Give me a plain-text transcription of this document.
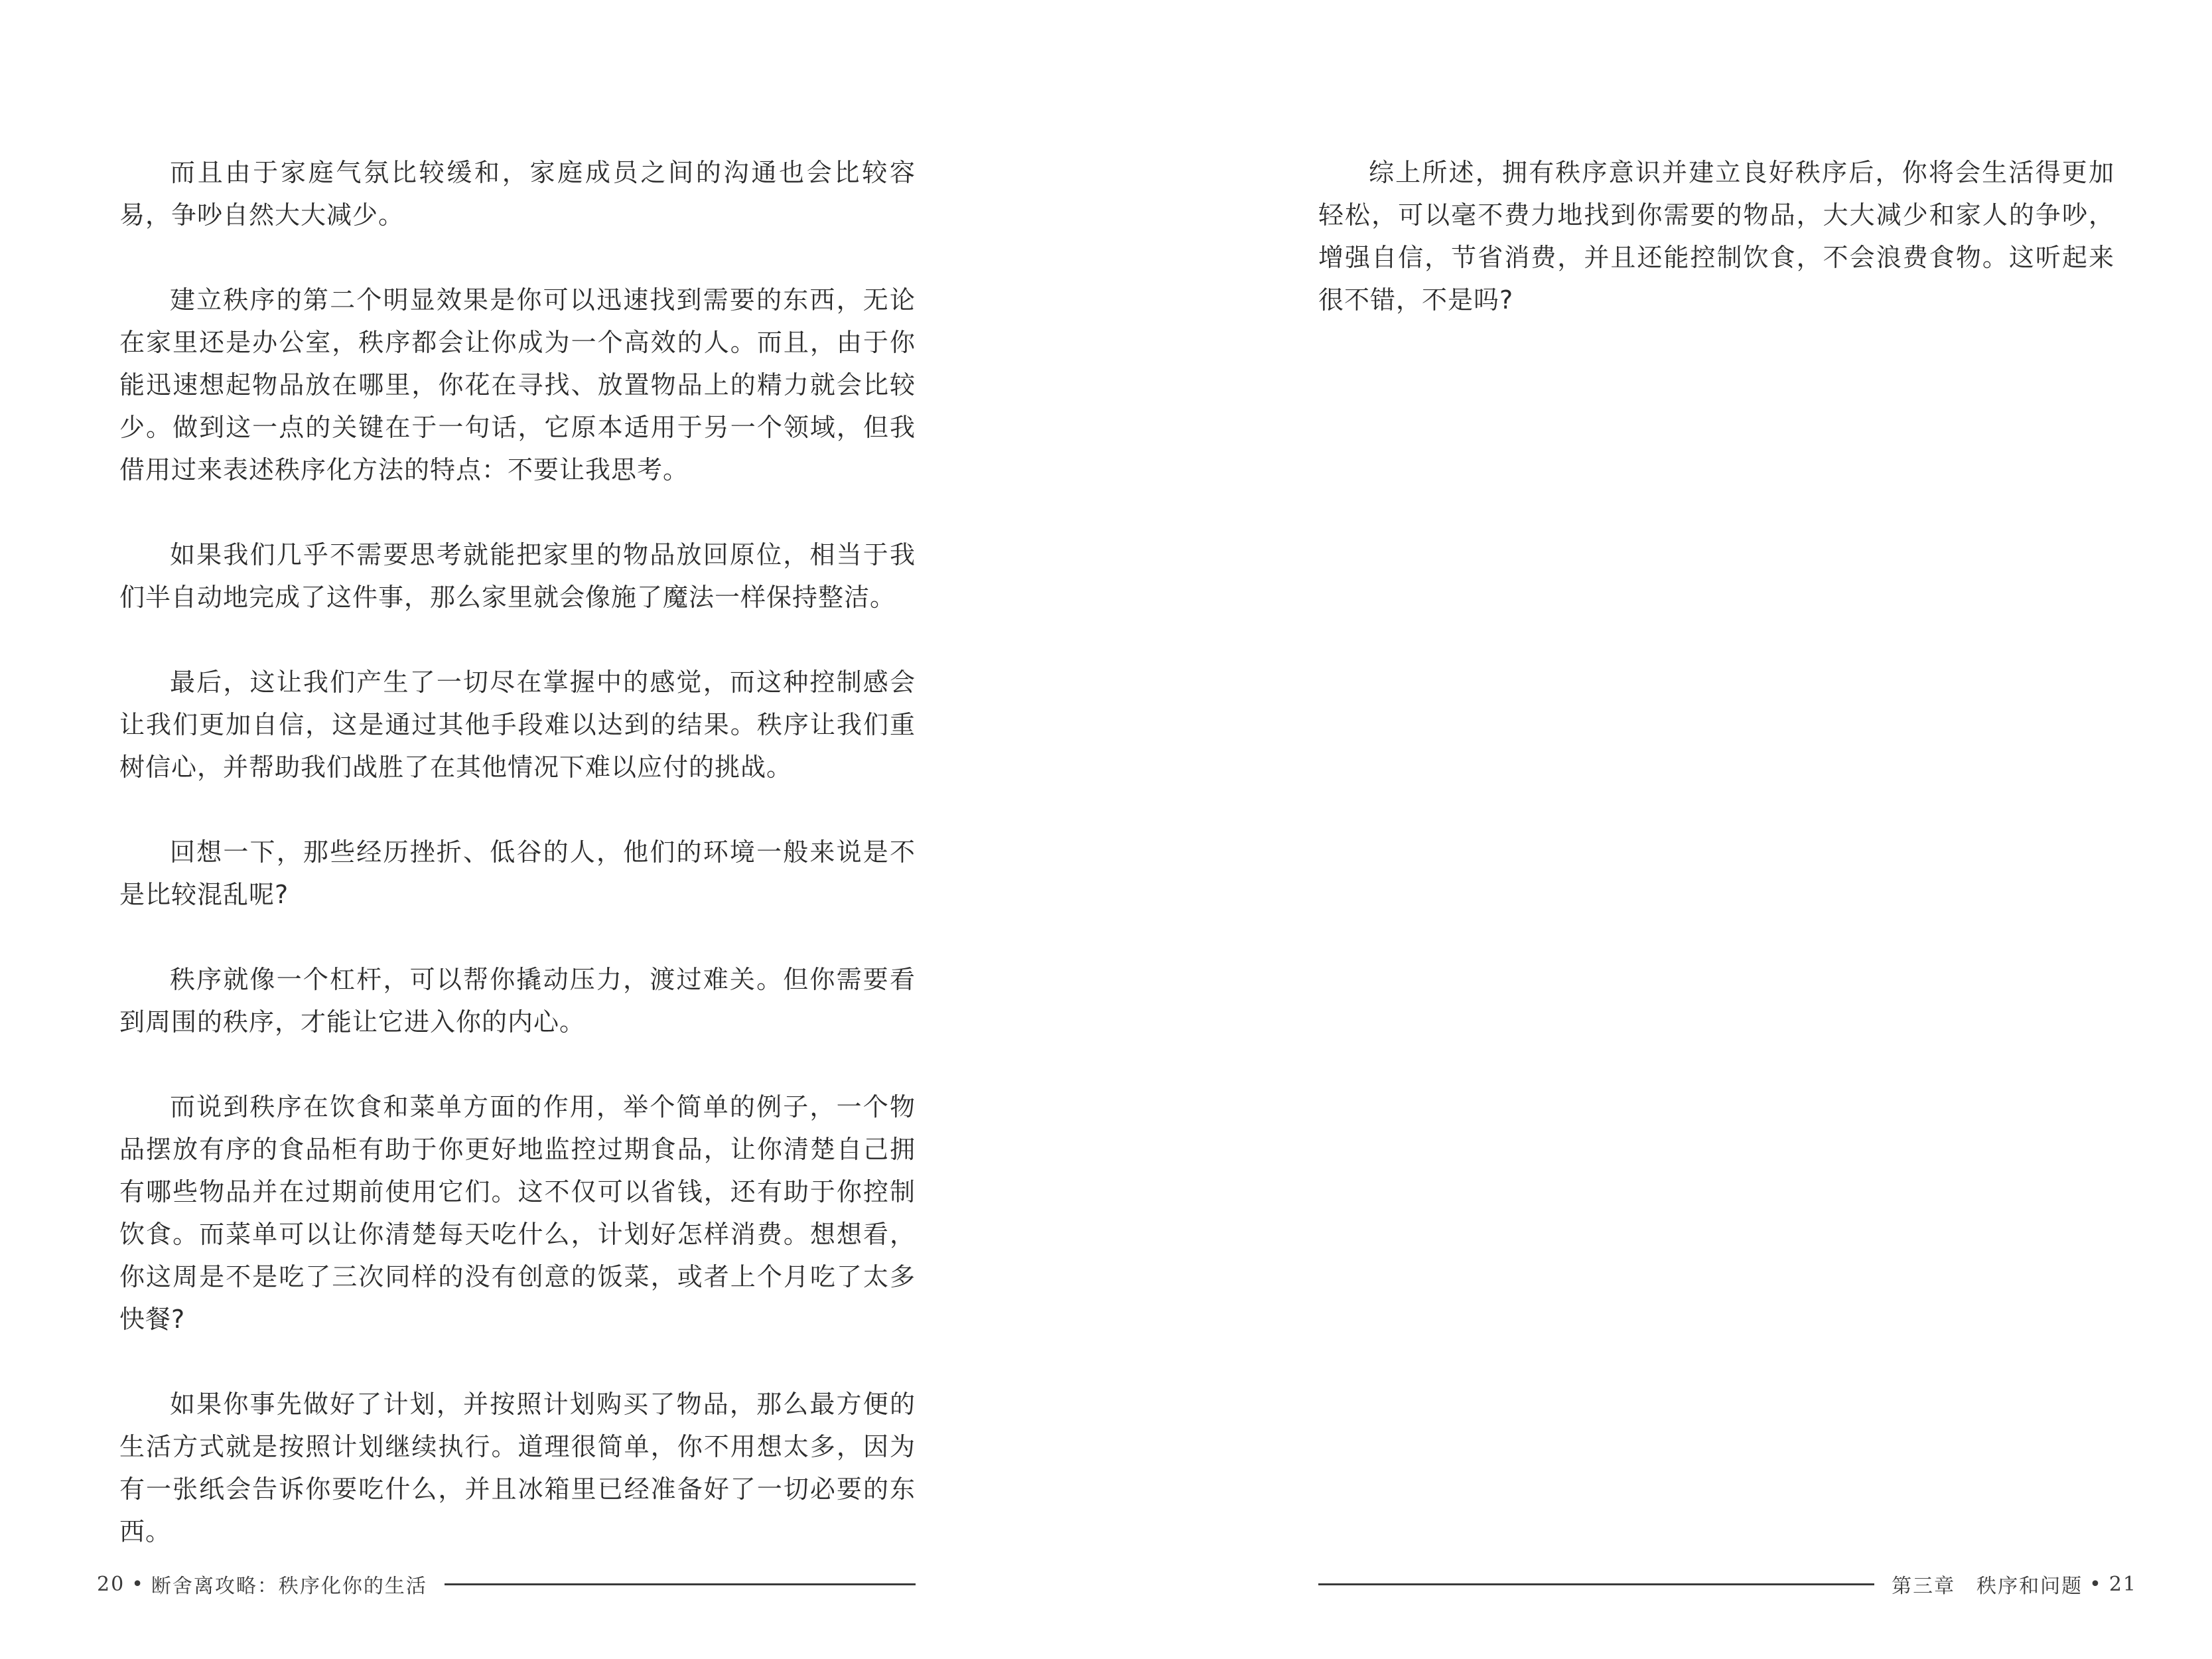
而且由于家庭气氛比较缓和，家庭成员之间的沟通也会比较容易，争吵自然大大减少。

建立秩序的第二个明显效果是你可以迅速找到需要的东西，无论在家里还是办公室，秩序都会让你成为一个高效的人。而且，由于你能迅速想起物品放在哪里，你花在寻找、放置物品上的精力就会比较少。做到这一点的关键在于一句话，它原本适用于另一个领域，但我借用过来表述秩序化方法的特点：不要让我思考。

如果我们几乎不需要思考就能把家里的物品放回原位，相当于我们半自动地完成了这件事，那么家里就会像施了魔法一样保持整洁。

最后，这让我们产生了一切尽在掌握中的感觉，而这种控制感会让我们更加自信，这是通过其他手段难以达到的结果。秩序让我们重树信心，并帮助我们战胜了在其他情况下难以应付的挑战。

回想一下，那些经历挫折、低谷的人，他们的环境一般来说是不是比较混乱呢?

秩序就像一个杠杆，可以帮你撬动压力，渡过难关。但你需要看到周围的秩序，才能让它进入你的内心。

而说到秩序在饮食和菜单方面的作用，举个简单的例子，一个物品摆放有序的食品柜有助于你更好地监控过期食品，让你清楚自己拥有哪些物品并在过期前使用它们。这不仅可以省钱，还有助于你控制饮食。而菜单可以让你清楚每天吃什么，计划好怎样消费。想想看，你这周是不是吃了三次同样的没有创意的饭菜，或者上个月吃了太多快餐?

如果你事先做好了计划，并按照计划购买了物品，那么最方便的生活方式就是按照计划继续执行。道理很简单，你不用想太多，因为有一张纸会告诉你要吃什么，并且冰箱里已经准备好了一切必要的东西。

20 • 断舍离攻略：秩序化你的生活

综上所述，拥有秩序意识并建立良好秩序后，你将会生活得更加轻松，可以毫不费力地找到你需要的物品，大大减少和家人的争吵，增强自信，节省消费，并且还能控制饮食，不会浪费食物。这听起来很不错，不是吗?

第三章　秩序和问题 • 21
